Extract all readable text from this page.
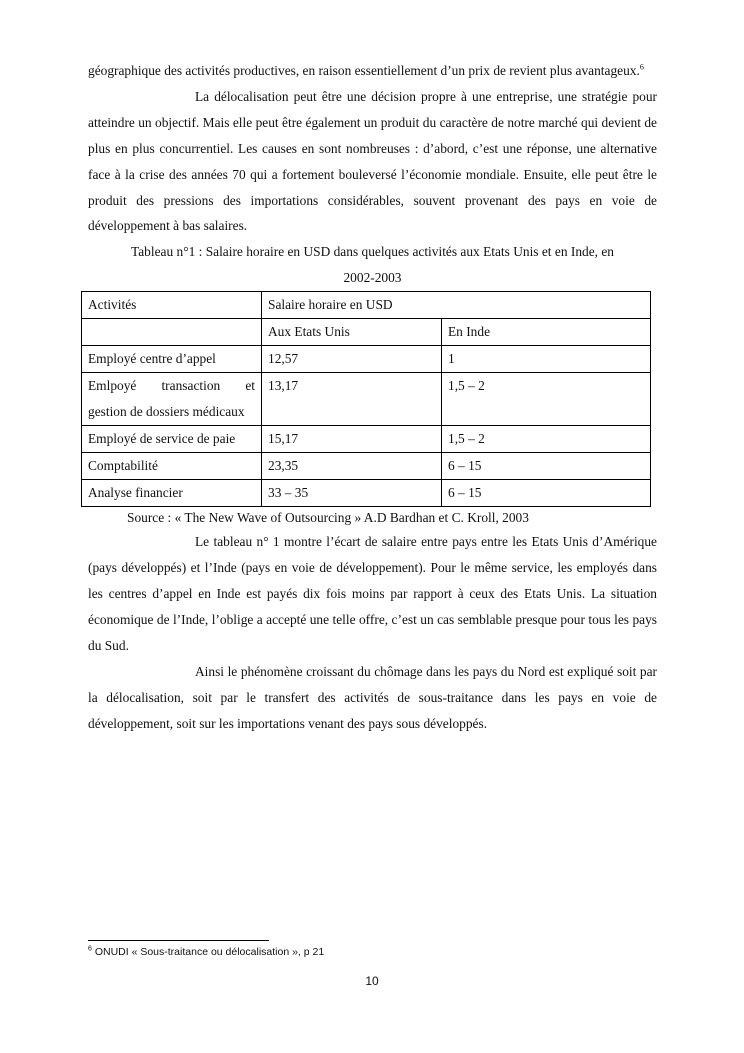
géographique des activités productives, en raison essentiellement d’un prix de revient plus avantageux.$^6$

La délocalisation peut être une décision propre à une entreprise, une stratégie pour atteindre un objectif. Mais elle peut être également un produit du caractère de notre marché qui devient de plus en plus concurrentiel. Les causes en sont nombreuses : d’abord, c’est une réponse, une alternative face à la crise des années 70 qui a fortement bouleversé l’économie mondiale. Ensuite, elle peut être le produit des pressions des importations considérables, souvent provenant des pays en voie de développement à bas salaires.

Tableau n°1 : Salaire horaire en USD dans quelques activités aux Etats Unis et en Inde, en
2002-2003

Activités	Salaire horaire en USD	
	Aux Etats Unis	En Inde
Employé centre d’appel	12,57	1

Emlpoyé transaction et
gestion de dossiers médicaux	13,17	1,5 – 2
Employé de service de paie	15,17	1,5 – 2
Comptabilité	23,35	6 – 15
Analyse financier	33 – 35	6 – 15

Source : « The New Wave of Outsourcing » A.D Bardhan et C. Kroll, 2003

Le tableau n° 1 montre l’écart de salaire entre pays entre les Etats Unis d’Amérique (pays développés) et l’Inde (pays en voie de développement). Pour le même service, les employés dans les centres d’appel en Inde est payés dix fois moins par rapport à ceux des Etats Unis. La situation économique de l’Inde, l’oblige a accepté une telle offre, c’est un cas semblable presque pour tous les pays du Sud.

Ainsi le phénomène croissant du chômage dans les pays du Nord est expliqué soit par la délocalisation, soit par le transfert des activités de sous-traitance dans les pays en voie de développement, soit sur les importations venant des pays sous développés.

$^6$ ONUDI « Sous-traitance ou délocalisation », p 21
10
